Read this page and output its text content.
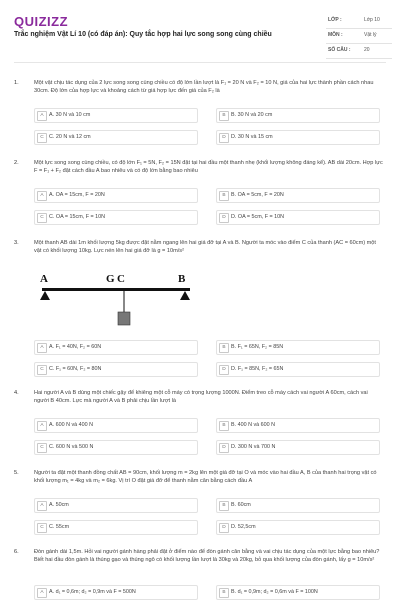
QUIZIZZ
Trắc nghiệm Vật Lí 10 (có đáp án): Quy tắc hợp hai lực song song cùng chiều
LỚP :	Lớp 10
MÔN :	Vật lý
SỐ CÂU :	20
1.	Một vật chịu tác dụng của 2 lực song song cùng chiều có độ lớn lần lượt là F₁ = 20 N và F₂ = 10 N, giá của hai lực thành phần cách nhau 30cm. Độ lớn của hợp lực và khoảng cách từ giá hợp lực đến giá của F₂ là
A	A. 30 N và 10 cm	B	B. 30 N và 20 cm
C C. 20 N và 12 cm	D D. 30 N và 15 cm
2.	Một lực song song cùng chiều, có độ lớn F₁ = 5N, F₂ = 15N đặt tại hai đầu một thanh nhẹ (khối lượng không đáng kể). AB dài 20cm. Hợp lực F = F₁ + F₂ đặt cách đầu A bao nhiêu và có độ lớn bằng bao nhiêu
A	A. OA = 15cm, F = 20N	B	B. OA = 5cm, F = 20N
C C. OA = 15cm, F = 10N	D D. OA = 5cm, F = 10N
3.	Một thanh AB dài 1m khối lượng 5kg được đặt nằm ngang lên hai giá đỡ tại A và B. Người ta móc vào điểm C của thanh (AC = 60cm) một vật có khối lượng 10kg. Lực nén lên hai giá đỡ là g = 10m/s²
A	A. F₁ = 40N, F₂ = 60N	B	B. F₁ = 65N, F₂ = 85N
C C. F₁ = 60N, F₂ = 80N	D D. F₁ = 85N, F₂ = 65N
A	G C	B
4.	Hai người A và B dùng một chiếc gậy để khiêng một cỗ máy có trọng lượng 1000N. Điểm treo cỗ máy cách vai người A 60cm, cách vai người B 40cm. Lực mà người A và B phải chịu lần lượt là
A	A. 600 N và 400 N	B	B. 400 N và 600 N
C C. 600 N và 500 N	D D. 300 N và 700 N
5.	Người ta đặt một thanh đồng chất AB = 90cm, khối lượng m = 2kg lên một giá đỡ tại O và móc vào hai đầu A, B của thanh hai trọng vật có khối lượng m₁ = 4kg và m₂ = 6kg. Vị trí O đặt giá đỡ để thanh nằm cân bằng cách đầu A
A	A. 50cm	B	B. 60cm
C C. 55cm	D D. 52,5cm
6.	Đòn gánh dài 1,5m. Hỏi vai người gánh hàng phải đặt ở điểm nào để đòn gánh cân bằng và vai chịu tác dụng của một lực bằng bao nhiêu? Biết hai đầu đòn gánh là thúng gạo và thúng ngô có khối lượng lần lượt là 30kg và 20kg, bỏ qua khối lượng của đòn gánh, lấy g = 10m/s²
A	A. d₁ = 0,6m; d₂ = 0,9m và F = 500N	B	B. d₁ = 0,9m; d₂ = 0,6m và F = 100N
